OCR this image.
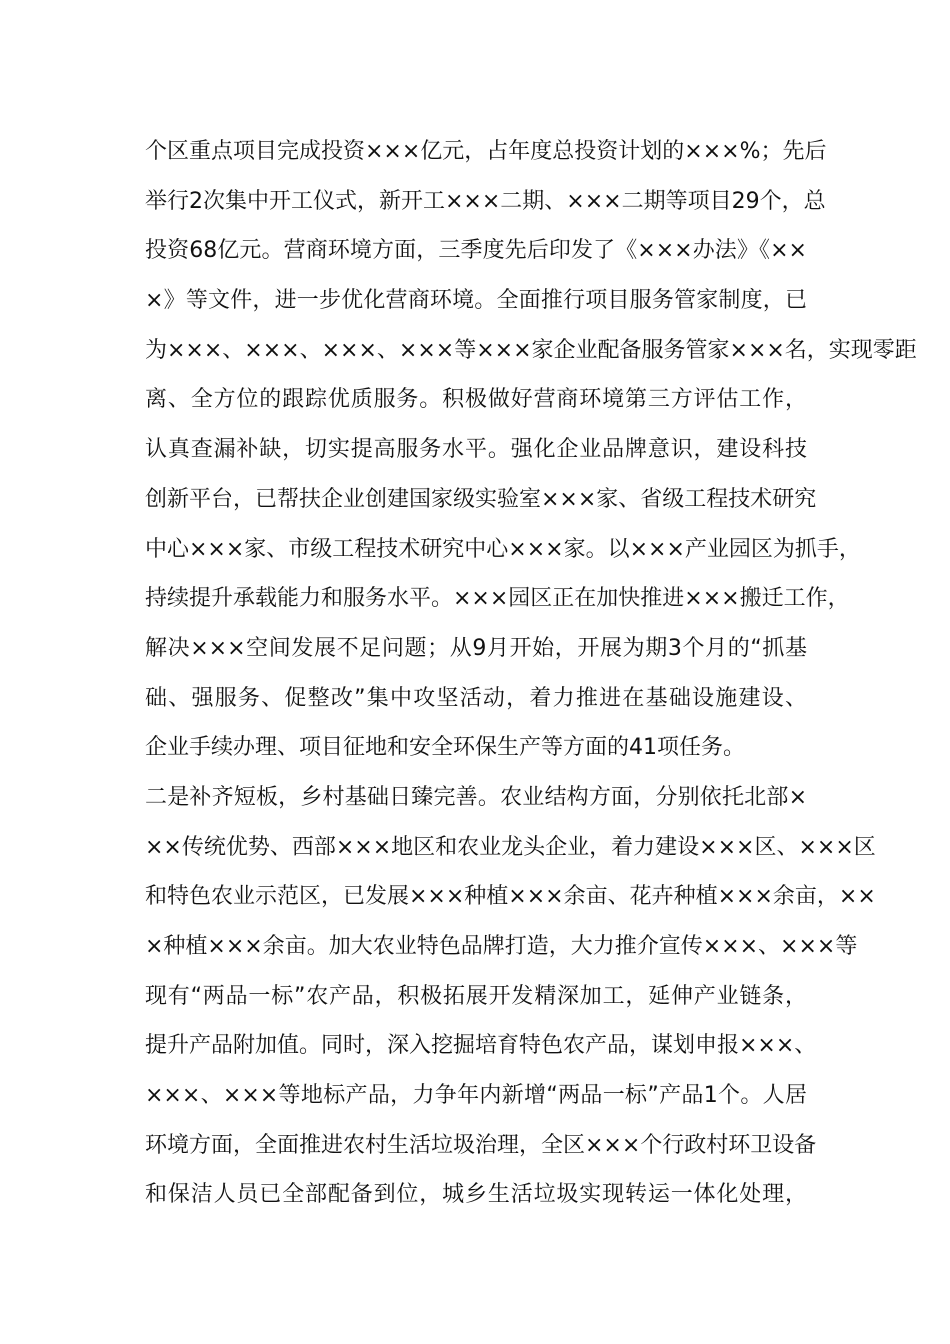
个区重点项目完成投资×××亿元，占年度总投资计划的×××%；先后
举行2次集中开工仪式，新开工×××二期、×××二期等项目29个，总
投资68亿元。营商环境方面，三季度先后印发了《×××办法》《××
×》等文件，进一步优化营商环境。全面推行项目服务管家制度，已
为×××、×××、×××、×××等×××家企业配备服务管家×××名，实现零距
离、全方位的跟踪优质服务。积极做好营商环境第三方评估工作，
认真查漏补缺，切实提高服务水平。强化企业品牌意识，建设科技
创新平台，已帮扶企业创建国家级实验室×××家、省级工程技术研究
中心×××家、市级工程技术研究中心×××家。以×××产业园区为抓手，
持续提升承载能力和服务水平。×××园区正在加快推进×××搬迁工作，
解决×××空间发展不足问题；从9月开始，开展为期3个月的“抓基
础、强服务、促整改”集中攻坚活动，着力推进在基础设施建设、
企业手续办理、项目征地和安全环保生产等方面的41项任务。
二是补齐短板，乡村基础日臻完善。农业结构方面，分别依托北部×
××传统优势、西部×××地区和农业龙头企业，着力建设×××区、×××区
和特色农业示范区，已发展×××种植×××余亩、花卉种植×××余亩，××
×种植×××余亩。加大农业特色品牌打造，大力推介宣传×××、×××等
现有“两品一标”农产品，积极拓展开发精深加工，延伸产业链条，
提升产品附加值。同时，深入挖掘培育特色农产品，谋划申报×××、
×××、×××等地标产品，力争年内新增“两品一标”产品1个。人居
环境方面，全面推进农村生活垃圾治理，全区×××个行政村环卫设备
和保洁人员已全部配备到位，城乡生活垃圾实现转运一体化处理，
